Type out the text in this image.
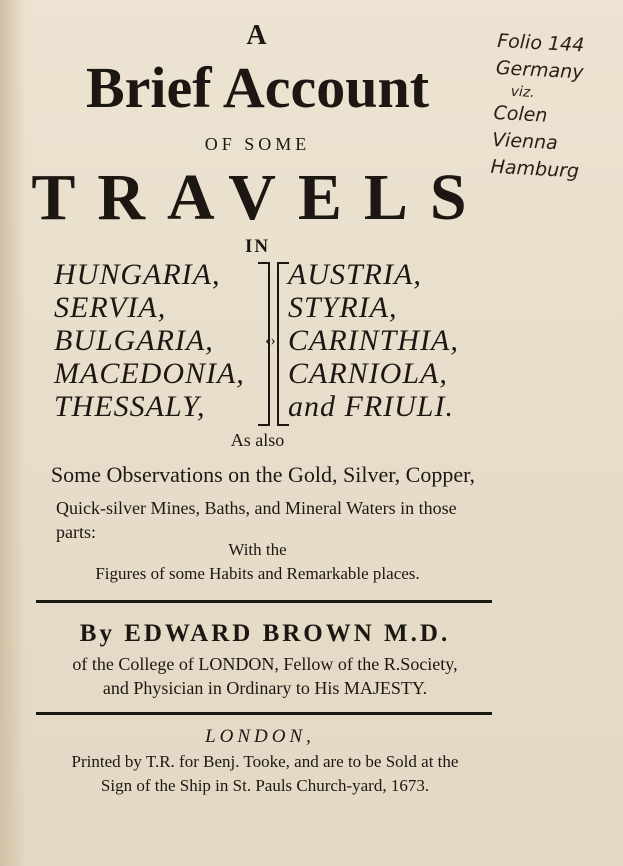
A
Brief Account
OF SOME
TRAVELS
IN
HUNGARIA,
SERVIA,
BULGARIA,
MACEDONIA,
THESSALY,
‹›
AUSTRIA,
STYRIA,
CARINTHIA,
CARNIOLA,
and FRIULI.
As also
Some Observations on the Gold, Silver, Copper,
Quick-silver Mines, Baths, and Mineral Waters in those parts:
With the
Figures of some Habits and Remarkable places.
By EDWARD BROWN M.D.
of the College of LONDON, Fellow of the R.Society,
and Physician in Ordinary to His MAJESTY.
LONDON,
Printed by T.R. for Benj. Tooke, and are to be Sold at the
Sign of the Ship in St. Pauls Church-yard, 1673.
Folio 144
Germany
viz.
Colen
Vienna
Hamburg
